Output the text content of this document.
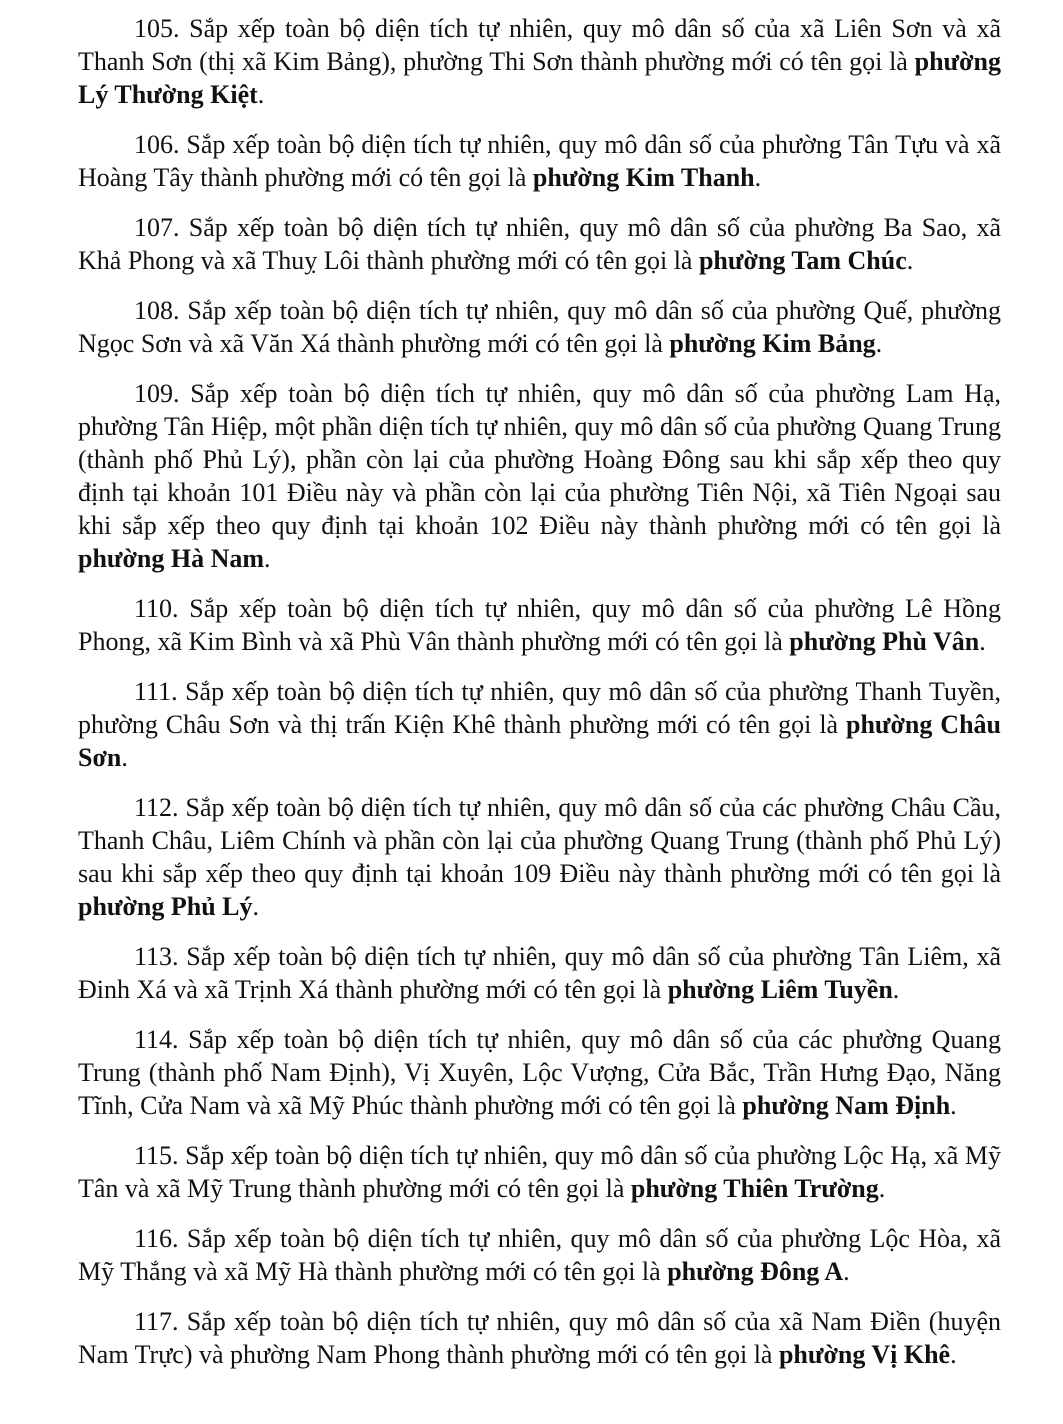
105. Sắp xếp toàn bộ diện tích tự nhiên, quy mô dân số của xã Liên Sơn và xã Thanh Sơn (thị xã Kim Bảng), phường Thi Sơn thành phường mới có tên gọi là phường Lý Thường Kiệt.

106. Sắp xếp toàn bộ diện tích tự nhiên, quy mô dân số của phường Tân Tựu và xã Hoàng Tây thành phường mới có tên gọi là phường Kim Thanh.

107. Sắp xếp toàn bộ diện tích tự nhiên, quy mô dân số của phường Ba Sao, xã Khả Phong và xã Thuỵ Lôi thành phường mới có tên gọi là phường Tam Chúc.

108. Sắp xếp toàn bộ diện tích tự nhiên, quy mô dân số của phường Quế, phường Ngọc Sơn và xã Văn Xá thành phường mới có tên gọi là phường Kim Bảng.

109. Sắp xếp toàn bộ diện tích tự nhiên, quy mô dân số của phường Lam Hạ, phường Tân Hiệp, một phần diện tích tự nhiên, quy mô dân số của phường Quang Trung (thành phố Phủ Lý), phần còn lại của phường Hoàng Đông sau khi sắp xếp theo quy định tại khoản 101 Điều này và phần còn lại của phường Tiên Nội, xã Tiên Ngoại sau khi sắp xếp theo quy định tại khoản 102 Điều này thành phường mới có tên gọi là phường Hà Nam.

110. Sắp xếp toàn bộ diện tích tự nhiên, quy mô dân số của phường Lê Hồng Phong, xã Kim Bình và xã Phù Vân thành phường mới có tên gọi là phường Phù Vân.

111. Sắp xếp toàn bộ diện tích tự nhiên, quy mô dân số của phường Thanh Tuyền, phường Châu Sơn và thị trấn Kiện Khê thành phường mới có tên gọi là phường Châu Sơn.

112. Sắp xếp toàn bộ diện tích tự nhiên, quy mô dân số của các phường Châu Cầu, Thanh Châu, Liêm Chính và phần còn lại của phường Quang Trung (thành phố Phủ Lý) sau khi sắp xếp theo quy định tại khoản 109 Điều này thành phường mới có tên gọi là phường Phủ Lý.

113. Sắp xếp toàn bộ diện tích tự nhiên, quy mô dân số của phường Tân Liêm, xã Đinh Xá và xã Trịnh Xá thành phường mới có tên gọi là phường Liêm Tuyền.

114. Sắp xếp toàn bộ diện tích tự nhiên, quy mô dân số của các phường Quang Trung (thành phố Nam Định), Vị Xuyên, Lộc Vượng, Cửa Bắc, Trần Hưng Đạo, Năng Tĩnh, Cửa Nam và xã Mỹ Phúc thành phường mới có tên gọi là phường Nam Định.

115. Sắp xếp toàn bộ diện tích tự nhiên, quy mô dân số của phường Lộc Hạ, xã Mỹ Tân và xã Mỹ Trung thành phường mới có tên gọi là phường Thiên Trường.

116. Sắp xếp toàn bộ diện tích tự nhiên, quy mô dân số của phường Lộc Hòa, xã Mỹ Thắng và xã Mỹ Hà thành phường mới có tên gọi là phường Đông A.

117. Sắp xếp toàn bộ diện tích tự nhiên, quy mô dân số của xã Nam Điền (huyện Nam Trực) và phường Nam Phong thành phường mới có tên gọi là phường Vị Khê.
